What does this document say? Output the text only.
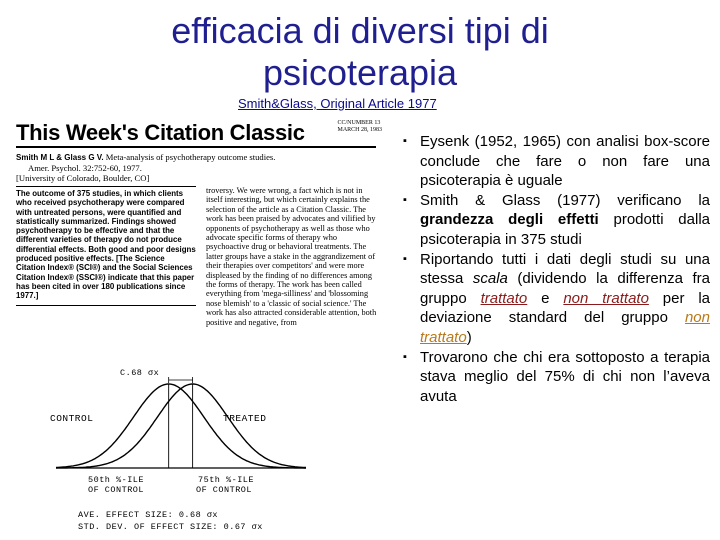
efficacia di diversi tipi di
psicoterapia
Smith&Glass, Original Article 1977
This Week's Citation Classic	CC/NUMBER 13
MARCH 28, 1983
Smith M L & Glass G V. Meta-analysis of psychotherapy outcome studies.
Amer. Psychol. 32:752-60, 1977.
[University of Colorado, Boulder, CO]
The outcome of 375 studies, in which clients who received psychotherapy were compared with untreated persons, were quantified and statistically summarized. Findings showed psychotherapy to be effective and that the different varieties of therapy do not produce differential effects. Both good and poor designs produced positive effects. [The Science Citation Index® (SCI®) and the Social Sciences Citation Index® (SSCI®) indicate that this paper has been cited in over 180 publications since 1977.]
troversy. We were wrong, a fact which is not in itself interesting, but which certainly explains the selection of the article as a Citation Classic. The work has been praised by advocates and vilified by opponents of psychotherapy as well as those who advocate specific forms of therapy who psychoactive drug or behavioral treatments. The latter groups have a stake in the aggrandizement of their therapies over competitors' and were more displeased by the finding of no differences among the forms of therapy. The work has been called everything from 'mega-silliness' and 'blossoming nose blemish' to a 'classic of social science.' The work has also attracted considerable attention, both positive and negative, from
C.68 σx
CONTROL	TREATED
50th %-ILE
OF CONTROL
75th %-ILE
OF CONTROL
AVE. EFFECT SIZE: 0.68 σx
STD. DEV. OF EFFECT SIZE: 0.67 σx
▪ Eysenk (1952, 1965) con analisi box-score conclude che fare o non fare una psicoterapia è uguale
▪ Smith & Glass (1977) verificano la grandezza degli effetti prodotti dalla psicoterapia in 375 studi
▪ Riportando tutti i dati degli studi su una stessa scala (dividendo la differenza fra gruppo trattato e non trattato per la deviazione standard del gruppo non trattato)
▪ Trovarono che chi era sottoposto a terapia stava meglio del 75% di chi non l’aveva avuta
